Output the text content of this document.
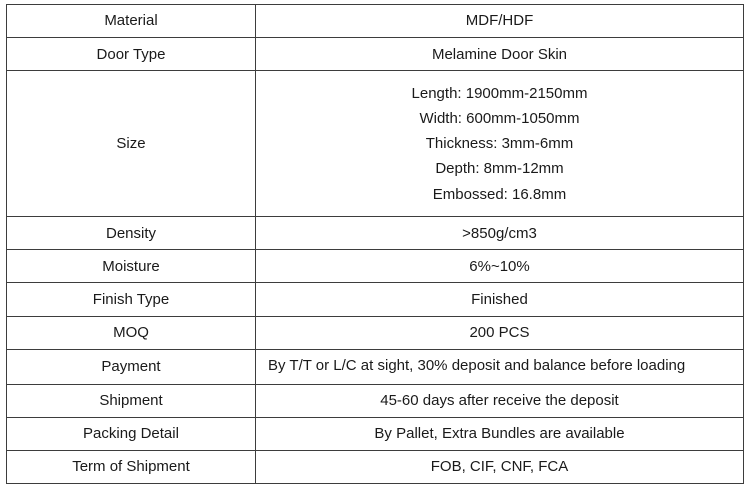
Material	MDF/HDF
Door Type	Melamine Door Skin
Size	Length: 1900mm-2150mm
Width: 600mm-1050mm
Thickness: 3mm-6mm
Depth: 8mm-12mm
Embossed: 16.8mm

Density	>850g/cm3
Moisture	6%~10%
Finish Type	Finished
MOQ	200 PCS
Payment	By T/T or L/C at sight, 30% deposit and balance before loading
Shipment	45-60 days after receive the deposit
Packing Detail	By Pallet, Extra Bundles are available
Term of Shipment	FOB, CIF, CNF, FCA
